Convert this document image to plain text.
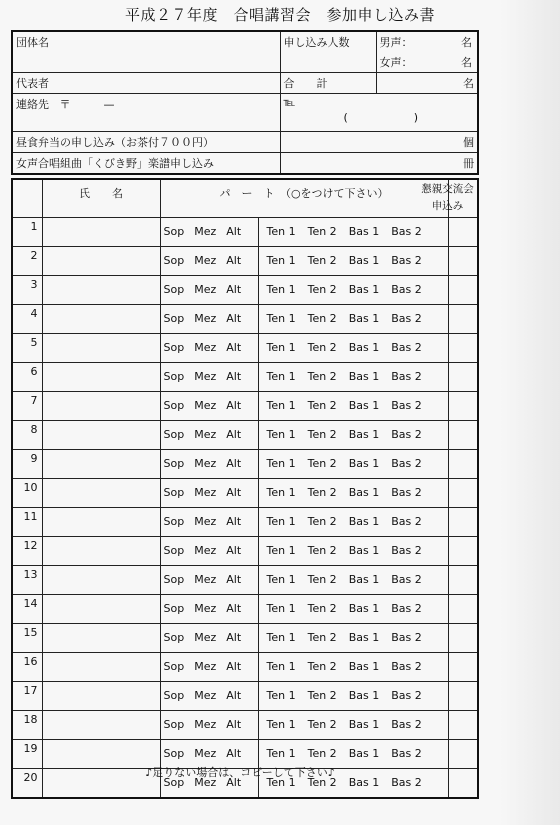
平成２７年度　合唱講習会　参加申し込み書
団体名	申し込み人数	男声： 名
女声： 名

代表者	合　　計	名
連絡先 〒　　　—	℡
(　　　　　　)	

昼食弁当の申し込み（お茶付７００円）	個	
女声合唱組曲「くびき野」楽譜申し込み	冊	
	氏　　名	パ　ー　ト　（○をつけて下さい）		懇親交流会申込み

1		Sop Mez Alt	Ten 1 Ten 2 Bas 1 Bas 2	
2		Sop Mez Alt	Ten 1 Ten 2 Bas 1 Bas 2	
3		Sop Mez Alt	Ten 1 Ten 2 Bas 1 Bas 2	
4		Sop Mez Alt	Ten 1 Ten 2 Bas 1 Bas 2	
5		Sop Mez Alt	Ten 1 Ten 2 Bas 1 Bas 2	
6		Sop Mez Alt	Ten 1 Ten 2 Bas 1 Bas 2	
7		Sop Mez Alt	Ten 1 Ten 2 Bas 1 Bas 2	
8		Sop Mez Alt	Ten 1 Ten 2 Bas 1 Bas 2	
9		Sop Mez Alt	Ten 1 Ten 2 Bas 1 Bas 2	
10		Sop Mez Alt	Ten 1 Ten 2 Bas 1 Bas 2	
11		Sop Mez Alt	Ten 1 Ten 2 Bas 1 Bas 2	
12		Sop Mez Alt	Ten 1 Ten 2 Bas 1 Bas 2	
13		Sop Mez Alt	Ten 1 Ten 2 Bas 1 Bas 2	
14		Sop Mez Alt	Ten 1 Ten 2 Bas 1 Bas 2	
15		Sop Mez Alt	Ten 1 Ten 2 Bas 1 Bas 2	
16		Sop Mez Alt	Ten 1 Ten 2 Bas 1 Bas 2	
17		Sop Mez Alt	Ten 1 Ten 2 Bas 1 Bas 2	
18		Sop Mez Alt	Ten 1 Ten 2 Bas 1 Bas 2	
19		Sop Mez Alt	Ten 1 Ten 2 Bas 1 Bas 2	
20		Sop Mez Alt	Ten 1 Ten 2 Bas 1 Bas 2	
♪足りない場合は、コピーして下さい♪
